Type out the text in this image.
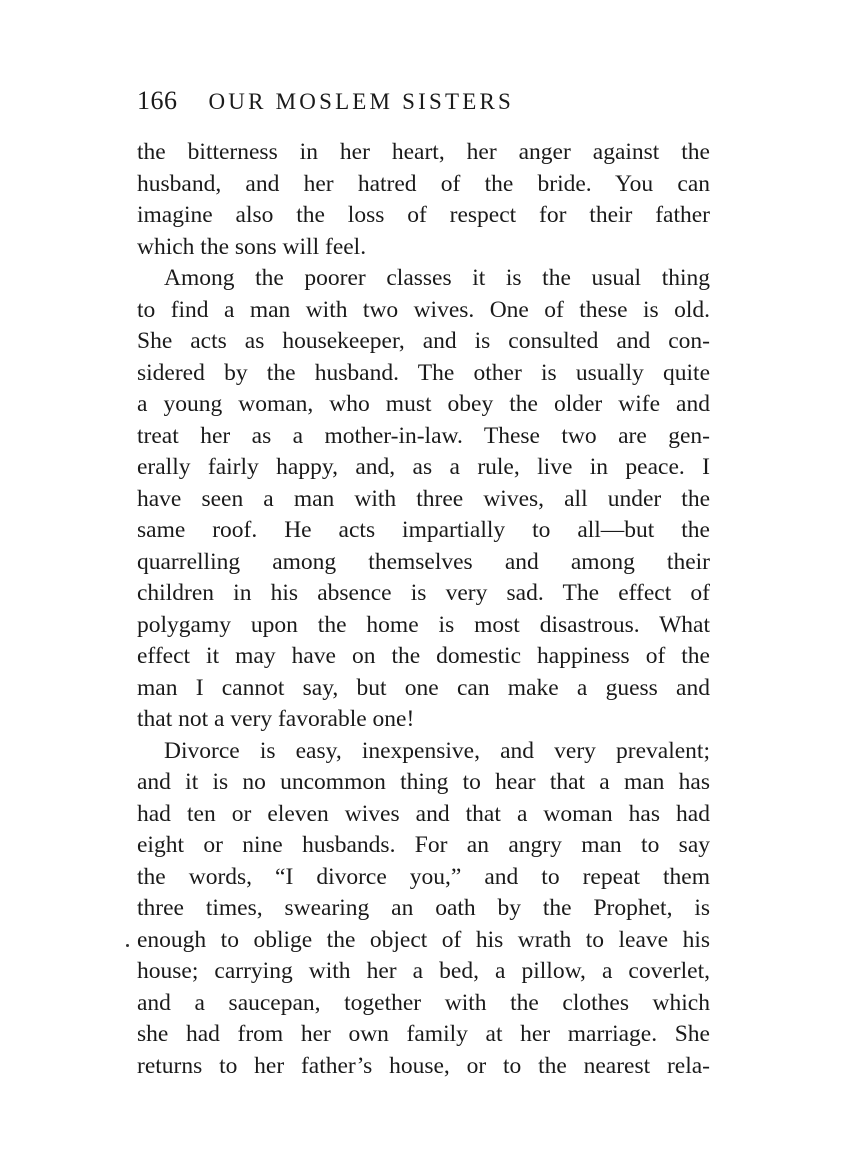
166 OUR MOSLEM SISTERS
the bitterness in her heart, her anger against the
husband, and her hatred of the bride. You can
imagine also the loss of respect for their father
which the sons will feel.
Among the poorer classes it is the usual thing
to find a man with two wives. One of these is old.
She acts as housekeeper, and is consulted and con-
sidered by the husband. The other is usually quite
a young woman, who must obey the older wife and
treat her as a mother-in-law. These two are gen-
erally fairly happy, and, as a rule, live in peace. I
have seen a man with three wives, all under the
same roof. He acts impartially to all—but the
quarrelling among themselves and among their
children in his absence is very sad. The effect of
polygamy upon the home is most disastrous. What
effect it may have on the domestic happiness of the
man I cannot say, but one can make a guess and
that not a very favorable one!
Divorce is easy, inexpensive, and very prevalent;
and it is no uncommon thing to hear that a man has
had ten or eleven wives and that a woman has had
eight or nine husbands. For an angry man to say
the words, “I divorce you,” and to repeat them
three times, swearing an oath by the Prophet, is
enough to oblige the object of his wrath to leave his
house; carrying with her a bed, a pillow, a coverlet,
and a saucepan, together with the clothes which
she had from her own family at her marriage. She
returns to her father’s house, or to the nearest rela-
